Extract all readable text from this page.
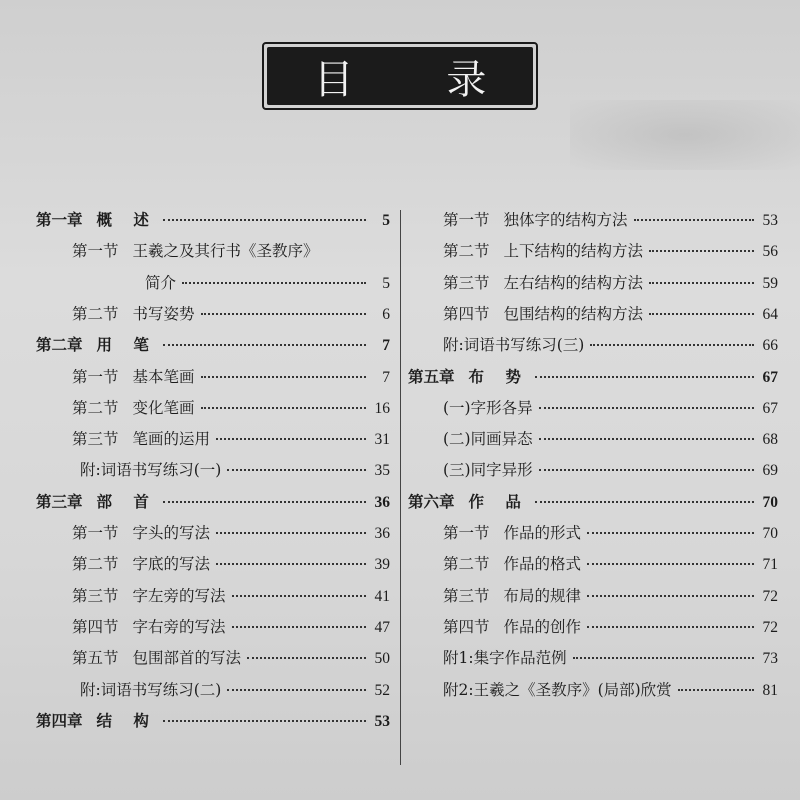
目 录
第一章 概 述	5
第一节 王羲之及其行书《圣教序》
简介	5
第二节 书写姿势	6
第二章 用 笔	7
第一节 基本笔画	7
第二节 变化笔画	16
第三节 笔画的运用	31
附:词语书写练习(一)	35
第三章 部 首	36
第一节 字头的写法	36
第二节 字底的写法	39
第三节 字左旁的写法	41
第四节 字右旁的写法	47
第五节 包围部首的写法	50
附:词语书写练习(二)	52
第四章 结 构	53
第一节 独体字的结构方法	53
第二节 上下结构的结构方法	56
第三节 左右结构的结构方法	59
第四节 包围结构的结构方法	64
附:词语书写练习(三)	66
第五章 布 势	67
(一)字形各异	67
(二)同画异态	68
(三)同字异形	69
第六章 作 品	70
第一节 作品的形式	70
第二节 作品的格式	71
第三节 布局的规律	72
第四节 作品的创作	72
附1:集字作品范例	73
附2:王羲之《圣教序》(局部)欣赏	81
